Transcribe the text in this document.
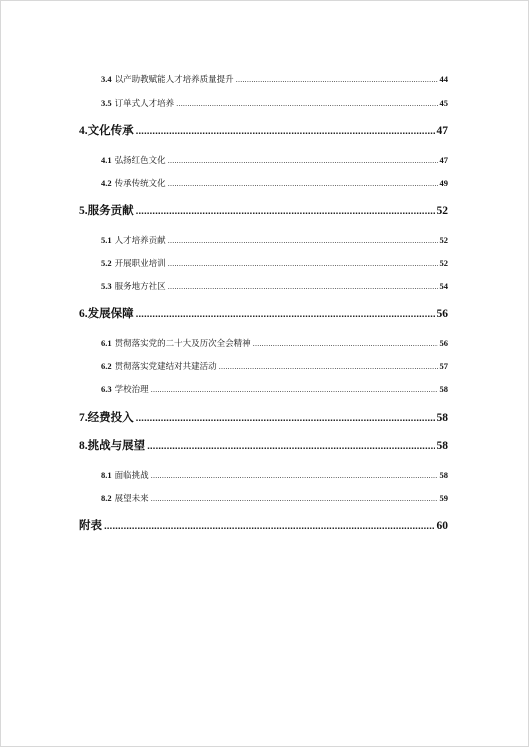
3.4 以产助教赋能人才培养质量提升 .....	44
3.5 订单式人才培养 .....	45
4. 文化传承 .....	47
4.1 弘扬红色文化 .....	47
4.2 传承传统文化 .....	49
5. 服务贡献 .....	52
5.1 人才培养贡献 .....	52
5.2 开展职业培训 .....	52
5.3 服务地方社区 .....	54
6. 发展保障 .....	56
6.1 贯彻落实党的二十大及历次全会精神 .....	56
6.2 贯彻落实党建结对共建活动 .....	57
6.3 学校治理 .....	58
7. 经费投入 .....	58
8. 挑战与展望 .....	58
8.1 面临挑战 .....	58
8.2 展望未来 .....	59
附表 .....	60
